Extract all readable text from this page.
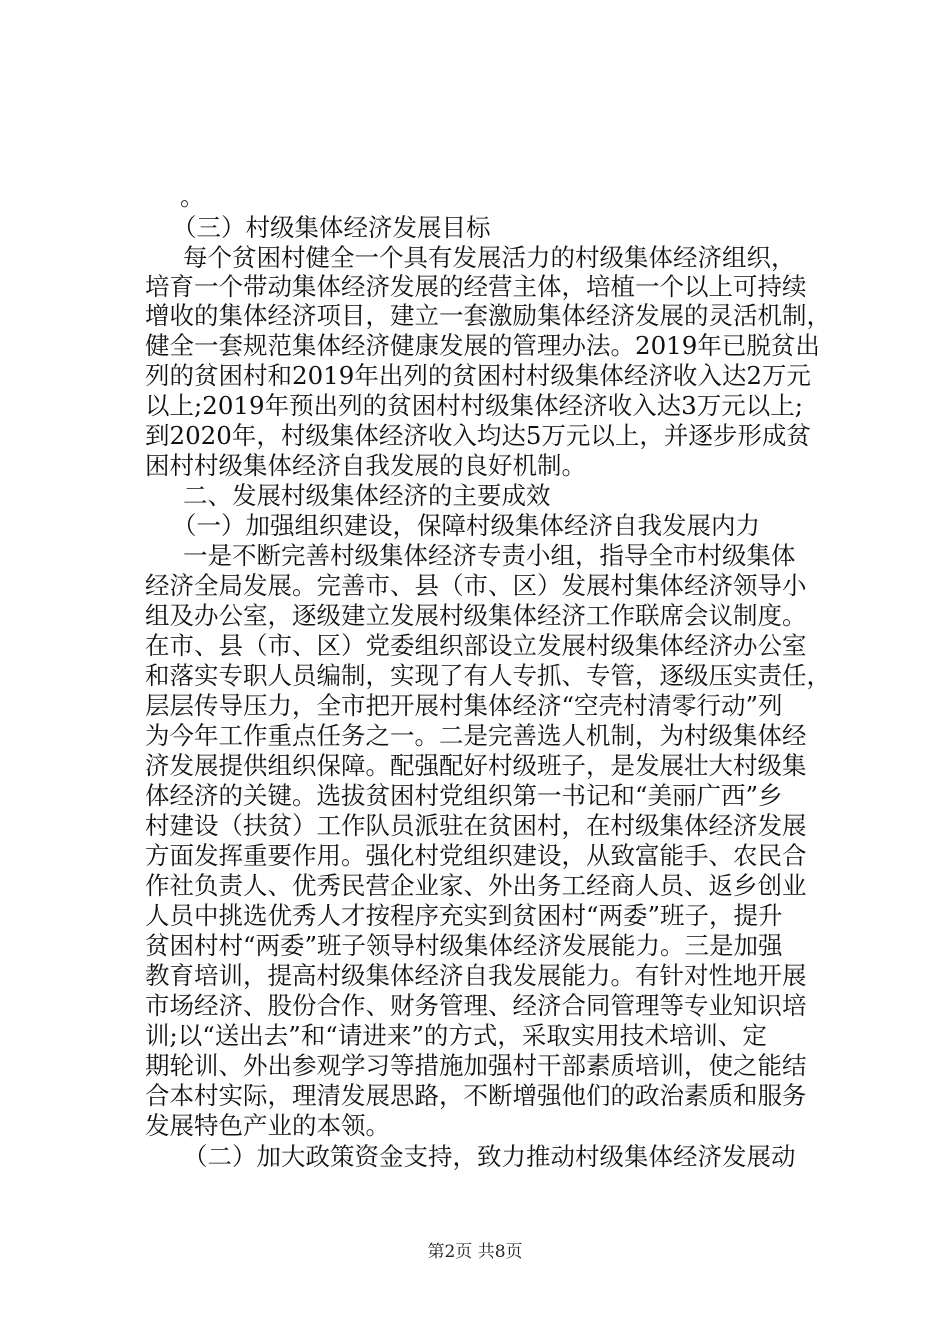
。
（三）村级集体经济发展目标
每个贫困村健全一个具有发展活力的村级集体经济组织，
培育一个带动集体经济发展的经营主体，培植一个以上可持续
增收的集体经济项目，建立一套激励集体经济发展的灵活机制，
健全一套规范集体经济健康发展的管理办法。2019年已脱贫出
列的贫困村和2019年出列的贫困村村级集体经济收入达2万元
以上;2019年预出列的贫困村村级集体经济收入达3万元以上;
到2020年，村级集体经济收入均达5万元以上，并逐步形成贫
困村村级集体经济自我发展的良好机制。
二、发展村级集体经济的主要成效
（一）加强组织建设，保障村级集体经济自我发展内力
一是不断完善村级集体经济专责小组，指导全市村级集体
经济全局发展。完善市、县（市、区）发展村集体经济领导小
组及办公室，逐级建立发展村级集体经济工作联席会议制度。
在市、县（市、区）党委组织部设立发展村级集体经济办公室
和落实专职人员编制，实现了有人专抓、专管，逐级压实责任，
层层传导压力，全市把开展村集体经济“空壳村清零行动”列
为今年工作重点任务之一。二是完善选人机制，为村级集体经
济发展提供组织保障。配强配好村级班子，是发展壮大村级集
体经济的关键。选拔贫困村党组织第一书记和“美丽广西”乡
村建设（扶贫）工作队员派驻在贫困村，在村级集体经济发展
方面发挥重要作用。强化村党组织建设，从致富能手、农民合
作社负责人、优秀民营企业家、外出务工经商人员、返乡创业
人员中挑选优秀人才按程序充实到贫困村“两委”班子，提升
贫困村村“两委”班子领导村级集体经济发展能力。三是加强
教育培训，提高村级集体经济自我发展能力。有针对性地开展
市场经济、股份合作、财务管理、经济合同管理等专业知识培
训;以“送出去”和“请进来”的方式，采取实用技术培训、定
期轮训、外出参观学习等措施加强村干部素质培训，使之能结
合本村实际，理清发展思路，不断增强他们的政治素质和服务
发展特色产业的本领。
（二）加大政策资金支持，致力推动村级集体经济发展动
第2页 共8页
